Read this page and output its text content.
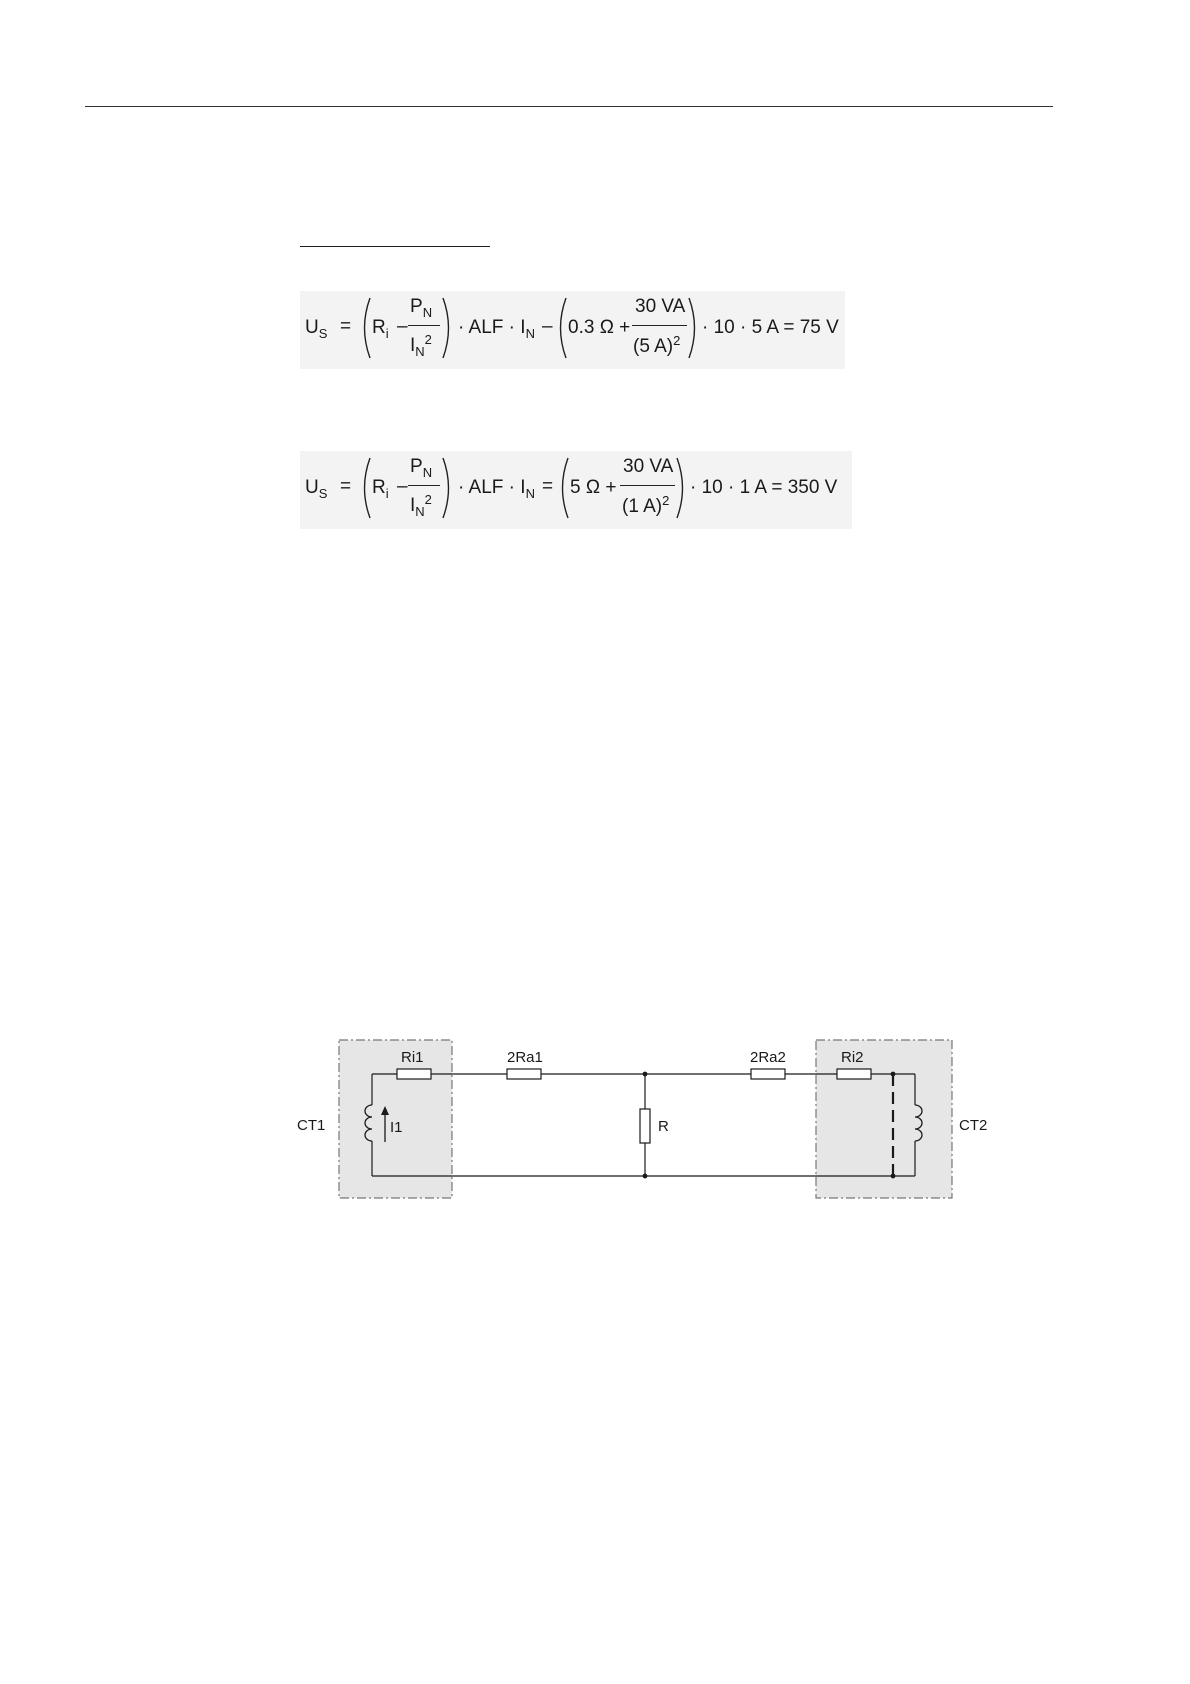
$U_S = R_i$ –
$P_N$
$I_N^2$
· ALF · $I_N - 0.3$ Ω +
30 VA
(5 A)$^2$
· 10 · 5 A = 75 V
$U_S = R_i$ –
$P_N$
$I_N^2$
· ALF · $I_N = 5$ Ω +
30 VA
(1 A)$^2$
· 10 · 1 A = 350 V
CT1	CT2
Ri1	Ri2
2Ra1	2Ra2
R
I1
